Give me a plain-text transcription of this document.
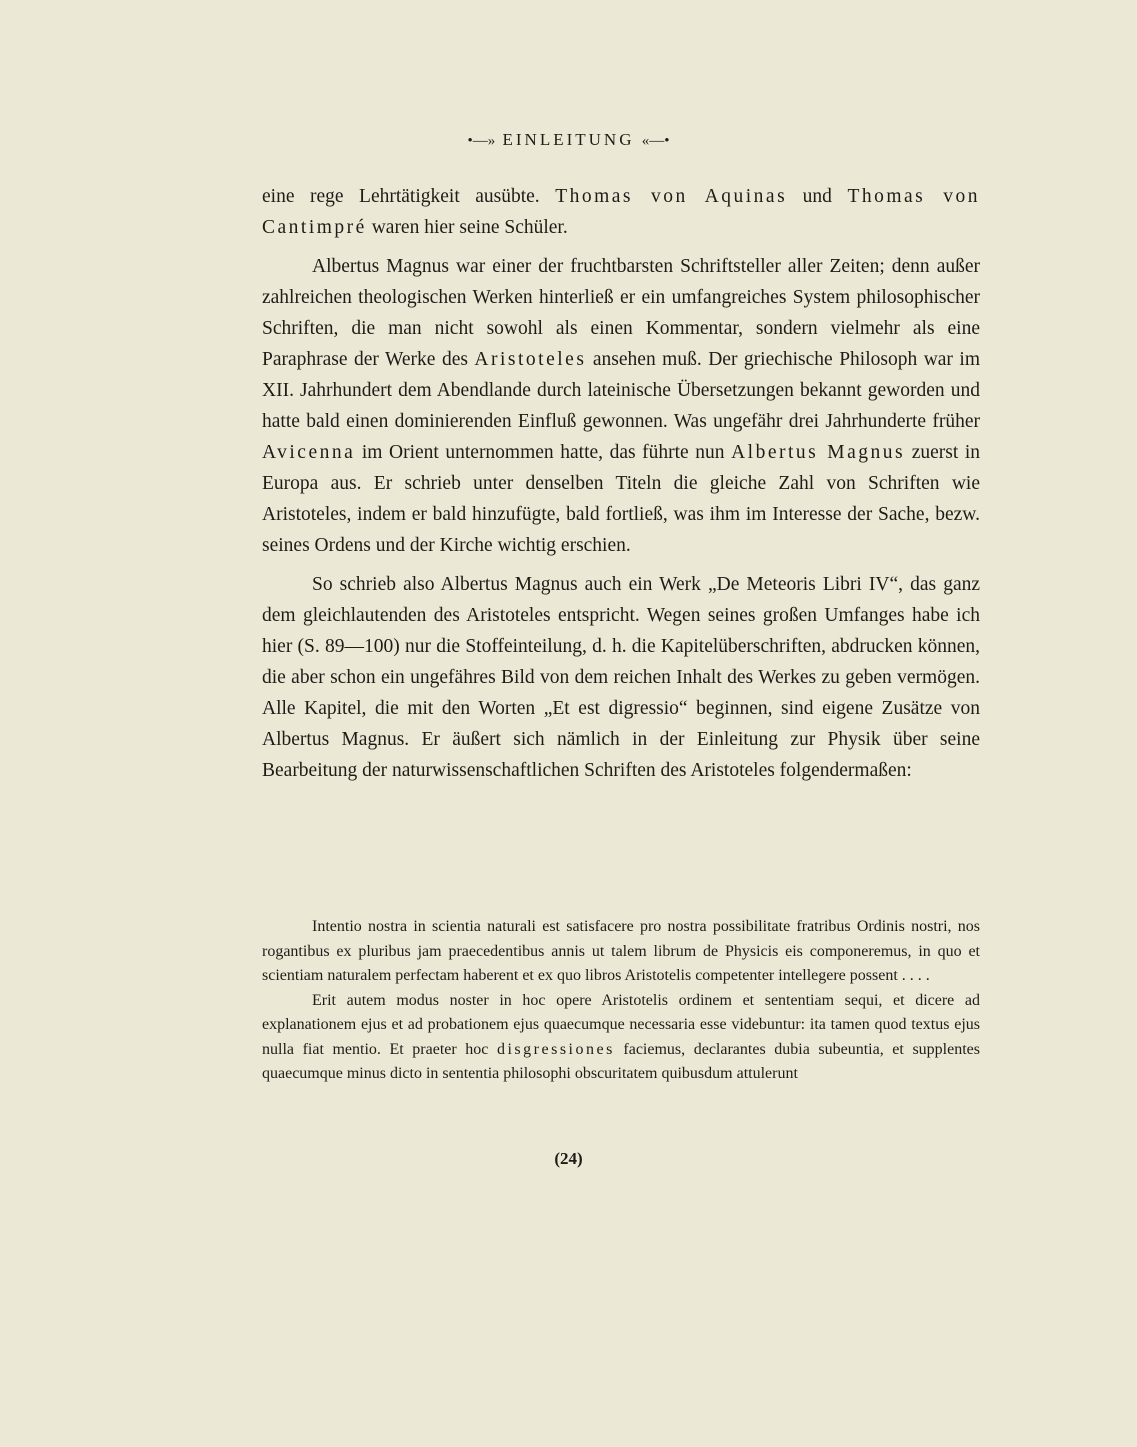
•—» EINLEITUNG «—•

eine rege Lehrtätigkeit ausübte. Thomas von Aquinas und Thomas von Cantimpré waren hier seine Schüler.

Albertus Magnus war einer der fruchtbarsten Schriftsteller aller Zeiten; denn außer zahlreichen theologischen Werken hinterließ er ein umfangreiches System philosophischer Schriften, die man nicht sowohl als einen Kommentar, sondern vielmehr als eine Paraphrase der Werke des Aristoteles ansehen muß. Der griechische Philosoph war im XII. Jahrhundert dem Abendlande durch lateinische Übersetzungen bekannt geworden und hatte bald einen dominierenden Einfluß gewonnen. Was ungefähr drei Jahrhunderte früher Avicenna im Orient unternommen hatte, das führte nun Albertus Magnus zuerst in Europa aus. Er schrieb unter denselben Titeln die gleiche Zahl von Schriften wie Aristoteles, indem er bald hinzufügte, bald fortließ, was ihm im Interesse der Sache, bezw. seines Ordens und der Kirche wichtig erschien.

So schrieb also Albertus Magnus auch ein Werk „De Meteoris Libri IV“, das ganz dem gleichlautenden des Aristoteles entspricht. Wegen seines großen Umfanges habe ich hier (S. 89—100) nur die Stoffeinteilung, d. h. die Kapitelüberschriften, abdrucken können, die aber schon ein ungefähres Bild von dem reichen Inhalt des Werkes zu geben vermögen. Alle Kapitel, die mit den Worten „Et est digressio“ beginnen, sind eigene Zusätze von Albertus Magnus. Er äußert sich nämlich in der Einleitung zur Physik über seine Bearbeitung der naturwissenschaftlichen Schriften des Aristoteles folgendermaßen:

Intentio nostra in scientia naturali est satisfacere pro nostra possibilitate fratribus Ordinis nostri, nos rogantibus ex pluribus jam praecedentibus annis ut talem librum de Physicis eis componeremus, in quo et scientiam naturalem perfectam haberent et ex quo libros Aristotelis competenter intellegere possent . . . .

Erit autem modus noster in hoc opere Aristotelis ordinem et sententiam sequi, et dicere ad explanationem ejus et ad probationem ejus quaecumque necessaria esse videbuntur: ita tamen quod textus ejus nulla fiat mentio. Et praeter hoc disgressiones faciemus, declarantes dubia subeuntia, et supplentes quaecumque minus dicto in sententia philosophi obscuritatem quibusdum attulerunt

(24)
